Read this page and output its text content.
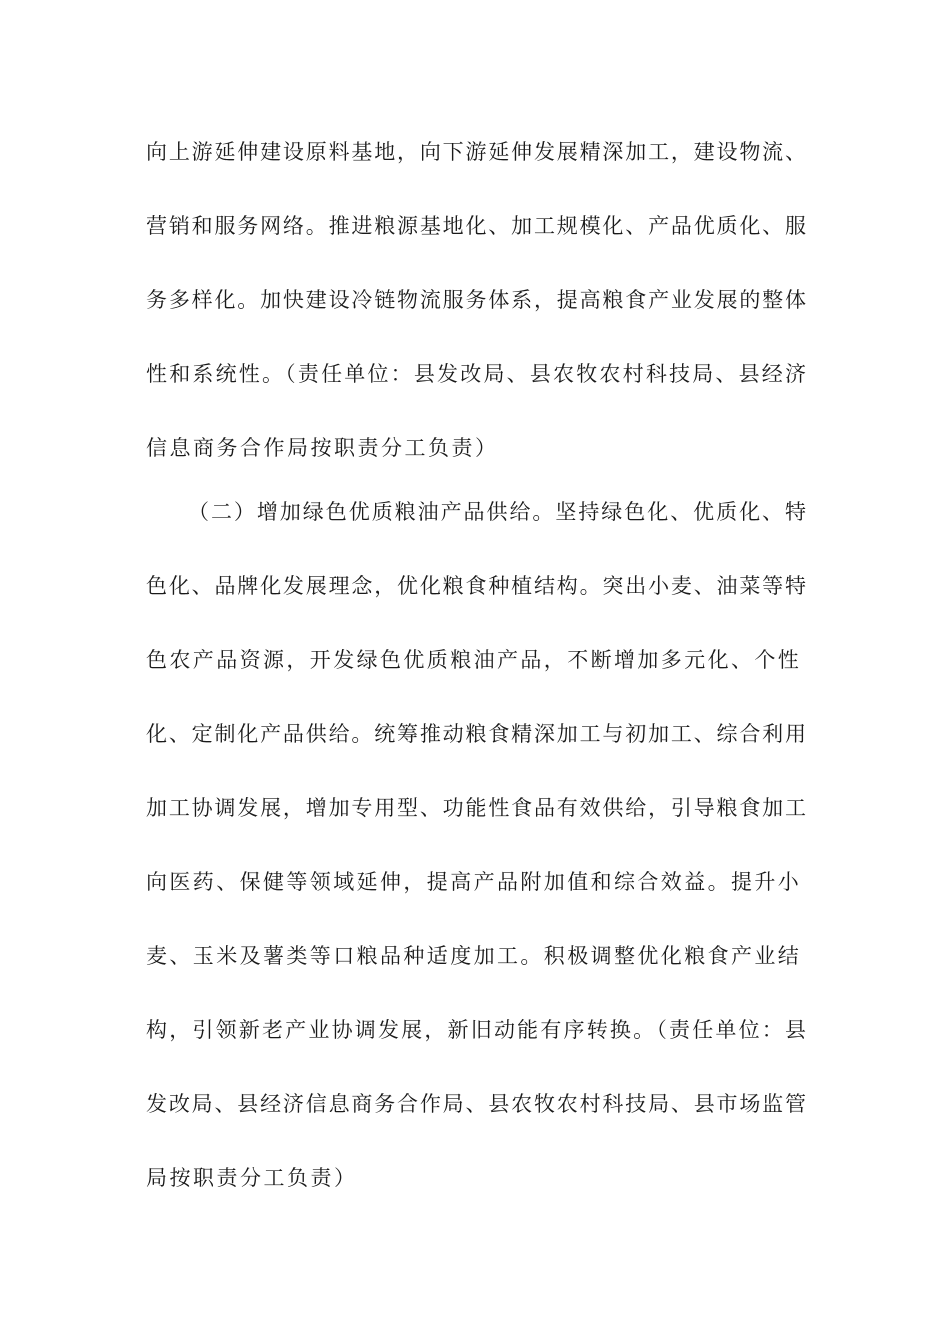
向上游延伸建设原料基地，向下游延伸发展精深加工，建设物流、
营销和服务网络。推进粮源基地化、加工规模化、产品优质化、服
务多样化。加快建设冷链物流服务体系，提高粮食产业发展的整体
性和系统性。（责任单位：县发改局、县农牧农村科技局、县经济
信息商务合作局按职责分工负责）
（二）增加绿色优质粮油产品供给。坚持绿色化、优质化、特
色化、品牌化发展理念，优化粮食种植结构。突出小麦、油菜等特
色农产品资源，开发绿色优质粮油产品，不断增加多元化、个性
化、定制化产品供给。统筹推动粮食精深加工与初加工、综合利用
加工协调发展，增加专用型、功能性食品有效供给，引导粮食加工
向医药、保健等领域延伸，提高产品附加值和综合效益。提升小
麦、玉米及薯类等口粮品种适度加工。积极调整优化粮食产业结
构，引领新老产业协调发展，新旧动能有序转换。（责任单位：县
发改局、县经济信息商务合作局、县农牧农村科技局、县市场监管
局按职责分工负责）
